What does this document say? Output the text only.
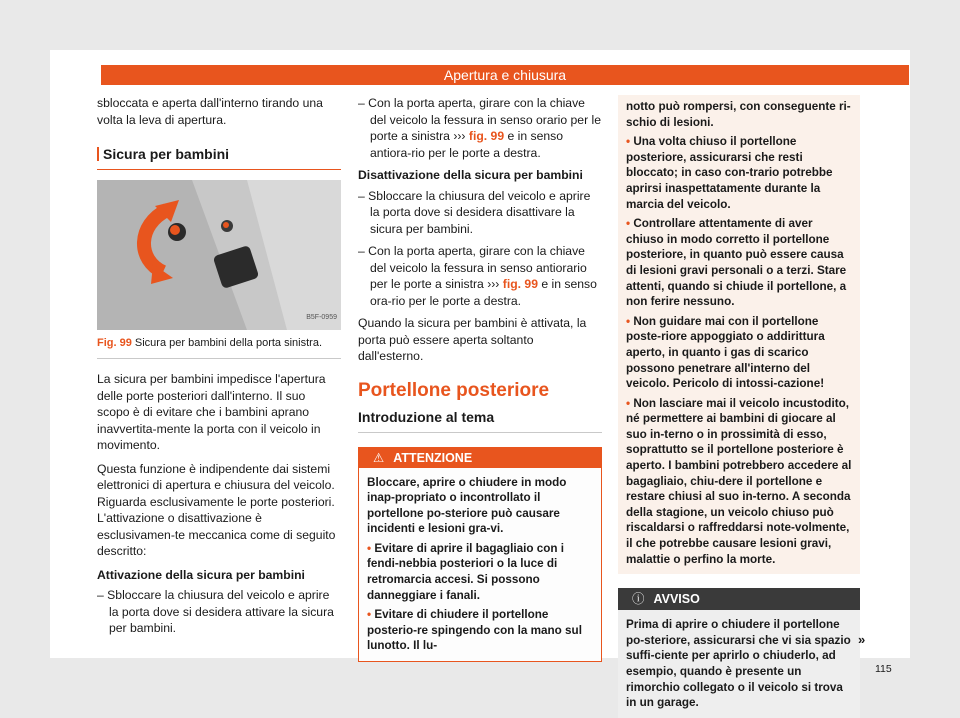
Apertura e chiusura

sbloccata e aperta dall'interno tirando una volta la leva di apertura.

Sicura per bambini
B5F-0959
Fig. 99 Sicura per bambini della porta sinistra.

La sicura per bambini impedisce l'apertura delle porte posteriori dall'interno. Il suo scopo è di evitare che i bambini aprano inavvertita-mente la porta con il veicolo in movimento.

Questa funzione è indipendente dai sistemi elettronici di apertura e chiusura del veicolo. Riguarda esclusivamente le porte posteriori. L'attivazione o disattivazione è esclusivamen-te meccanica come di seguito descritto:

Attivazione della sicura per bambini

– Sbloccare la chiusura del veicolo e aprire la porta dove si desidera attivare la sicura per bambini.

– Con la porta aperta, girare con la chiave del veicolo la fessura in senso orario per le porte a sinistra ››› fig. 99 e in senso antiora-rio per le porte a destra.

Disattivazione della sicura per bambini

– Sbloccare la chiusura del veicolo e aprire la porta dove si desidera disattivare la sicura per bambini.

– Con la porta aperta, girare con la chiave del veicolo la fessura in senso antiorario per le porte a sinistra ››› fig. 99 e in senso ora-rio per le porte a destra.

Quando la sicura per bambini è attivata, la porta può essere aperta soltanto dall'esterno.

Portellone posteriore
Introduzione al tema
⚠ ATTENZIONE

Bloccare, aprire o chiudere in modo inap-propriato o incontrollato il portellone po-steriore può causare incidenti e lesioni gra-vi.

• Evitare di aprire il bagagliaio con i fendi-nebbia posteriori o la luce di retromarcia accesi. Si possono danneggiare i fanali.

• Evitare di chiudere il portellone posterio-re spingendo con la mano sul lunotto. Il lu-

notto può rompersi, con conseguente ri-schio di lesioni.

• Una volta chiuso il portellone posteriore, assicurarsi che resti bloccato; in caso con-trario potrebbe aprirsi inaspettatamente durante la marcia del veicolo.

• Controllare attentamente di aver chiuso in modo corretto il portellone posteriore, in quanto può essere causa di lesioni gravi personali o a terzi. Stare attenti, quando si chiude il portellone, a non ferire nessuno.

• Non guidare mai con il portellone poste-riore appoggiato o addirittura aperto, in quanto i gas di scarico possono penetrare all'interno del veicolo. Pericolo di intossi-cazione!

• Non lasciare mai il veicolo incustodito, né permettere ai bambini di giocare al suo in-terno o in prossimità di esso, soprattutto se il portellone posteriore è aperto. I bambini potrebbero accedere al bagagliaio, chiu-dere il portellone e restare chiusi al suo in-terno. A seconda della stagione, un veicolo chiuso può riscaldarsi o raffreddarsi note-volmente, il che potrebbe causare lesioni gravi, malattie o perfino la morte.

ⓘ AVVISO
Prima di aprire o chiudere il portellone po-steriore, assicurarsi che vi sia spazio suffi-ciente per aprirlo o chiuderlo, ad esempio, quando è presente un rimorchio collegato o il veicolo si trova in un garage.
»
115
